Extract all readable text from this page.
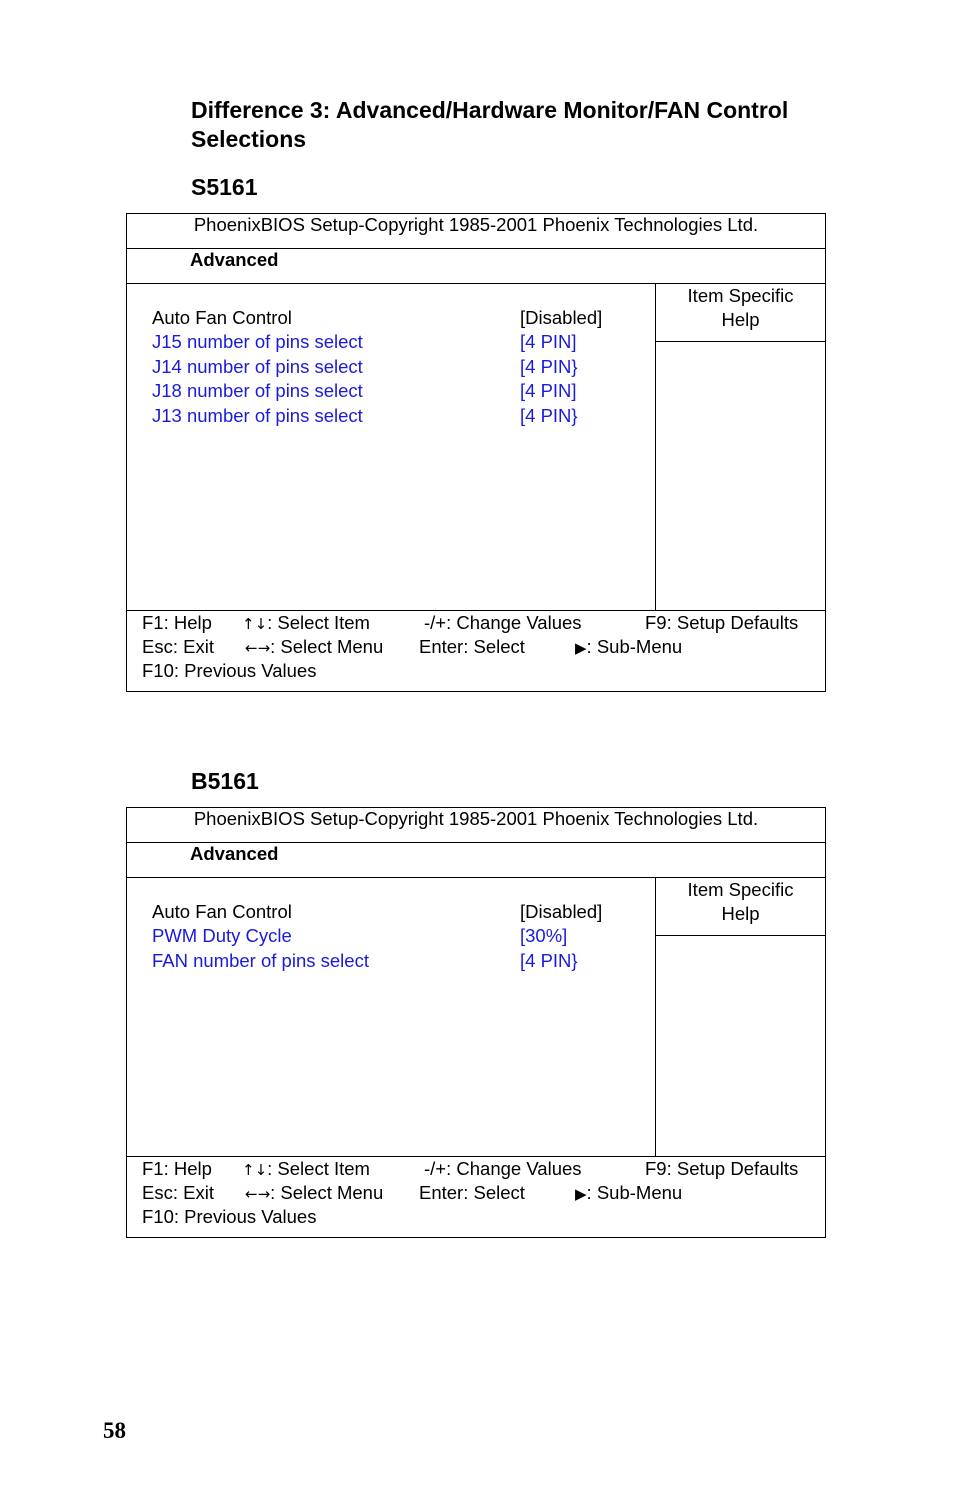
Difference 3: Advanced/Hardware Monitor/FAN Control
Selections
S5161
PhoenixBIOS Setup-Copyright 1985-2001 Phoenix Technologies Ltd.
Advanced
Auto Fan Control	[Disabled]
J15 number of pins select	[4 PIN]
J14 number of pins select	[4 PIN}
J18 number of pins select	[4 PIN]
J13 number of pins select	[4 PIN}
Item Specific
Help
F1: Help ↑↓: Select Item	-/+: Change Values	F9: Setup Defaults
Esc: Exit ←→: Select Menu Enter: Select	▶: Sub-Menu
F10: Previous Values
B5161
PhoenixBIOS Setup-Copyright 1985-2001 Phoenix Technologies Ltd.
Advanced
Auto Fan Control	[Disabled]
PWM Duty Cycle	[30%]
FAN number of pins select	[4 PIN}
Item Specific
Help
F1: Help ↑↓: Select Item	-/+: Change Values	F9: Setup Defaults
Esc: Exit ←→: Select Menu Enter: Select	▶: Sub-Menu
F10: Previous Values
58
